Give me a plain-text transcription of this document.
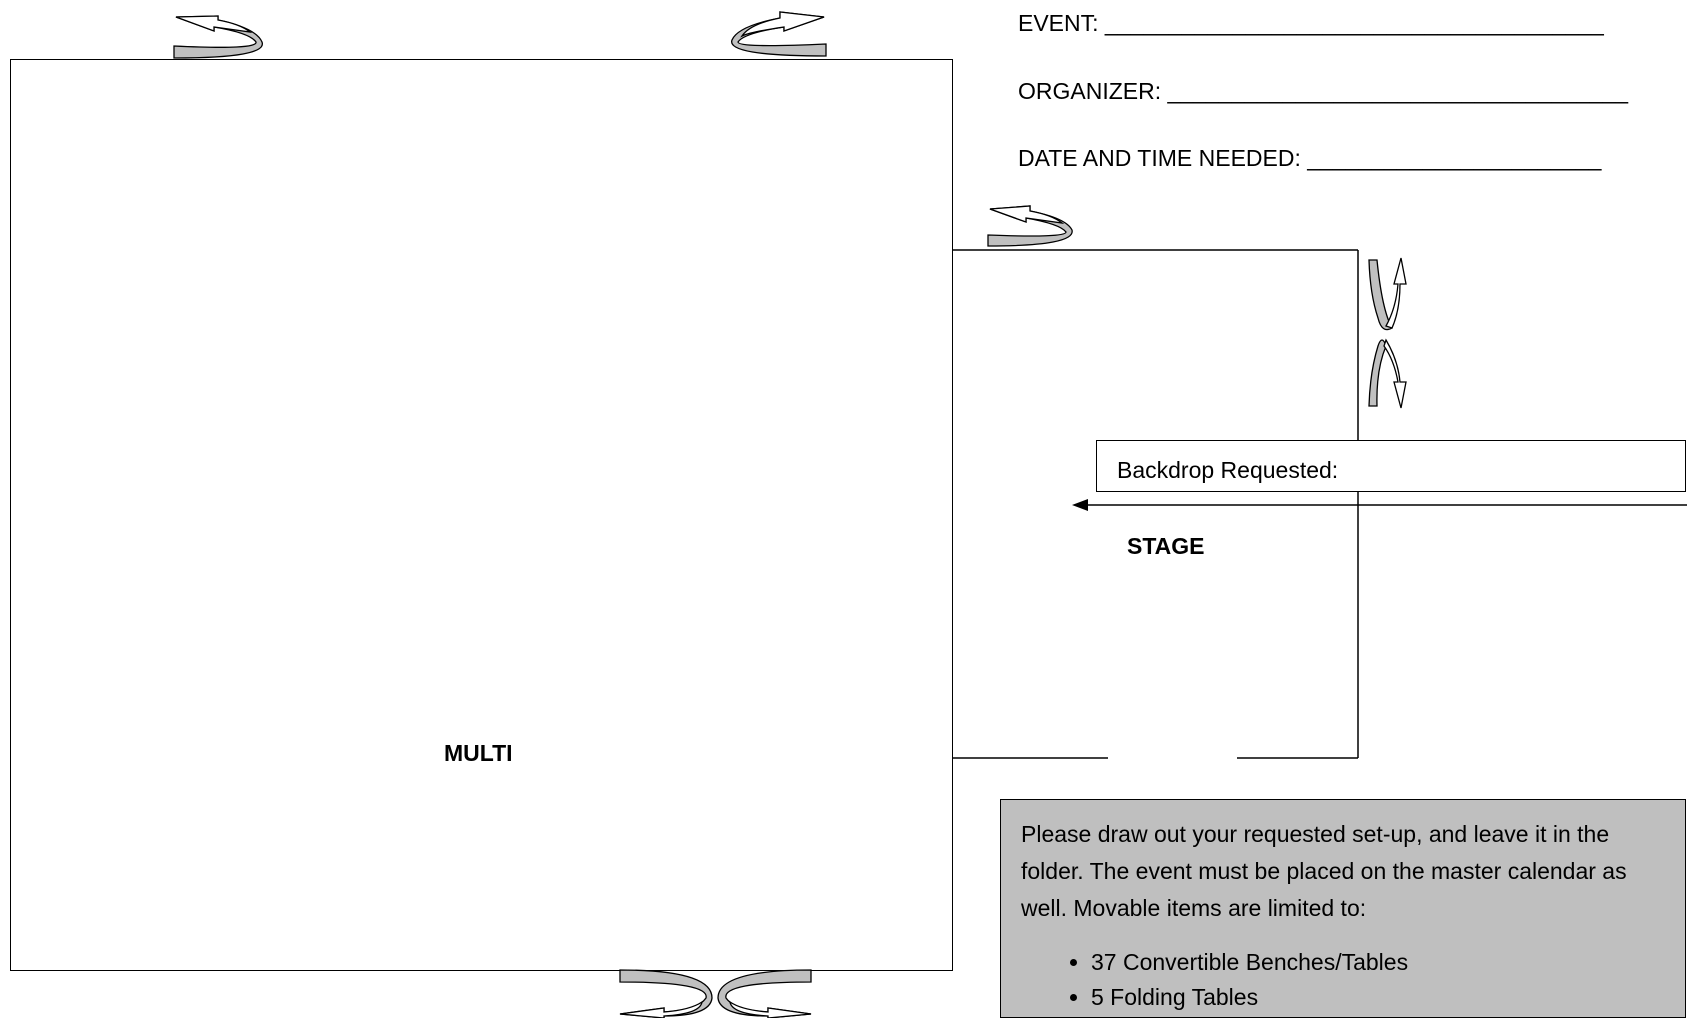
EVENT: _______________________________________
ORGANIZER: ____________________________________
DATE AND TIME NEEDED: _______________________
MULTI
STAGE
Backdrop Requested:
Please draw out your requested set-up, and leave it in the folder. The event must be placed on the master calendar as well. Movable items are limited to:
• 37 Convertible Benches/Tables
• 5 Folding Tables
